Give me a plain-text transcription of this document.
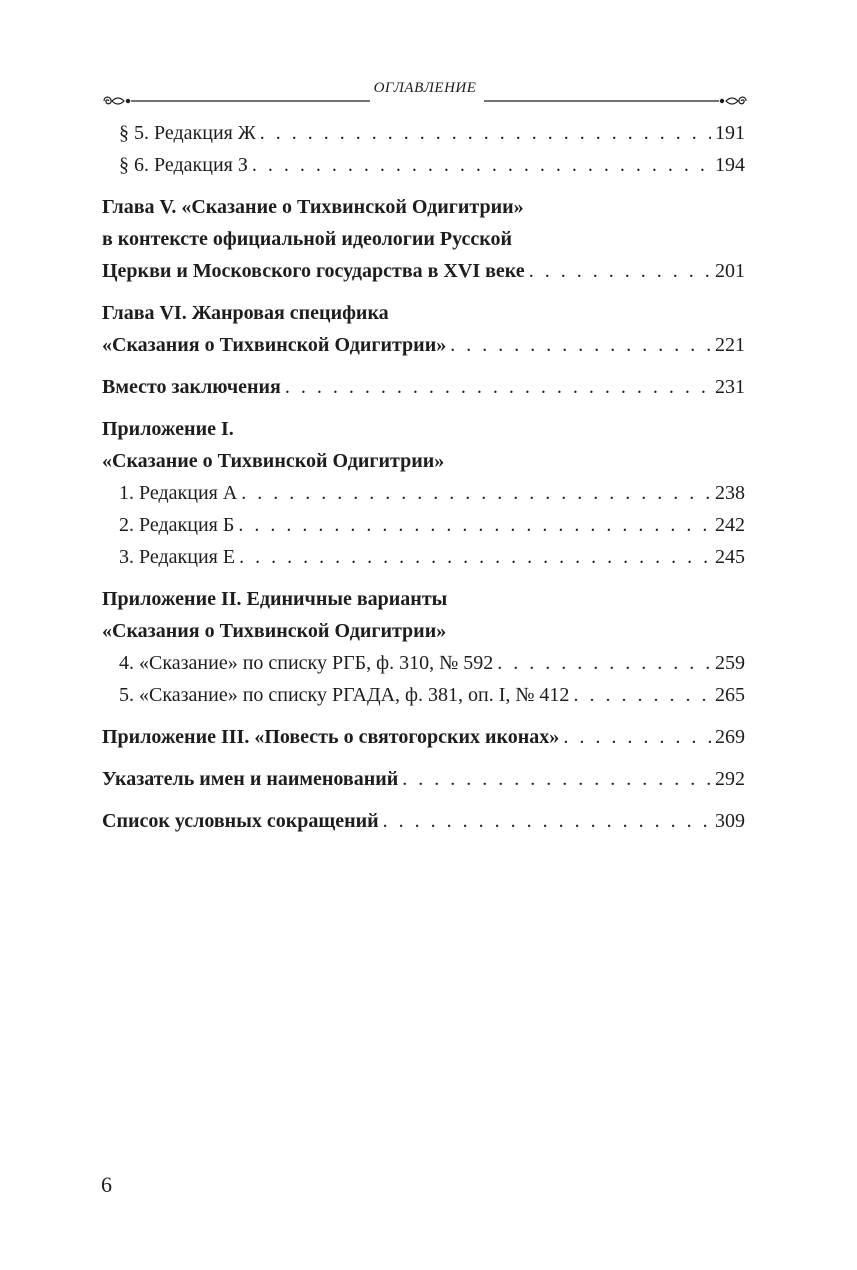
ОГЛАВЛЕНИЕ
§ 5. Редакция Ж . . .	191
§ 6. Редакция З . . .	194
Глава V. «Сказание о Тихвинской Одигитрии»
в контексте официальной идеологии Русской
Церкви и Московского государства в XVI веке . . .	201
Глава VI. Жанровая специфика
«Сказания о Тихвинской Одигитрии» . . .	221
Вместо заключения . . .	231
Приложение I.
«Сказание о Тихвинской Одигитрии»
1. Редакция А . . .	238
2. Редакция Б . . .	242
3. Редакция Е . . .	245
Приложение II. Единичные варианты
«Сказания о Тихвинской Одигитрии»
4. «Сказание» по списку РГБ, ф. 310, № 592 . . .	259
5. «Сказание» по списку РГАДА, ф. 381, оп. I, № 412 . . .	265
Приложение III. «Повесть о святогорских иконах» . . .	269
Указатель имен и наименований . . .	292
Список условных сокращений . . .	309
6
